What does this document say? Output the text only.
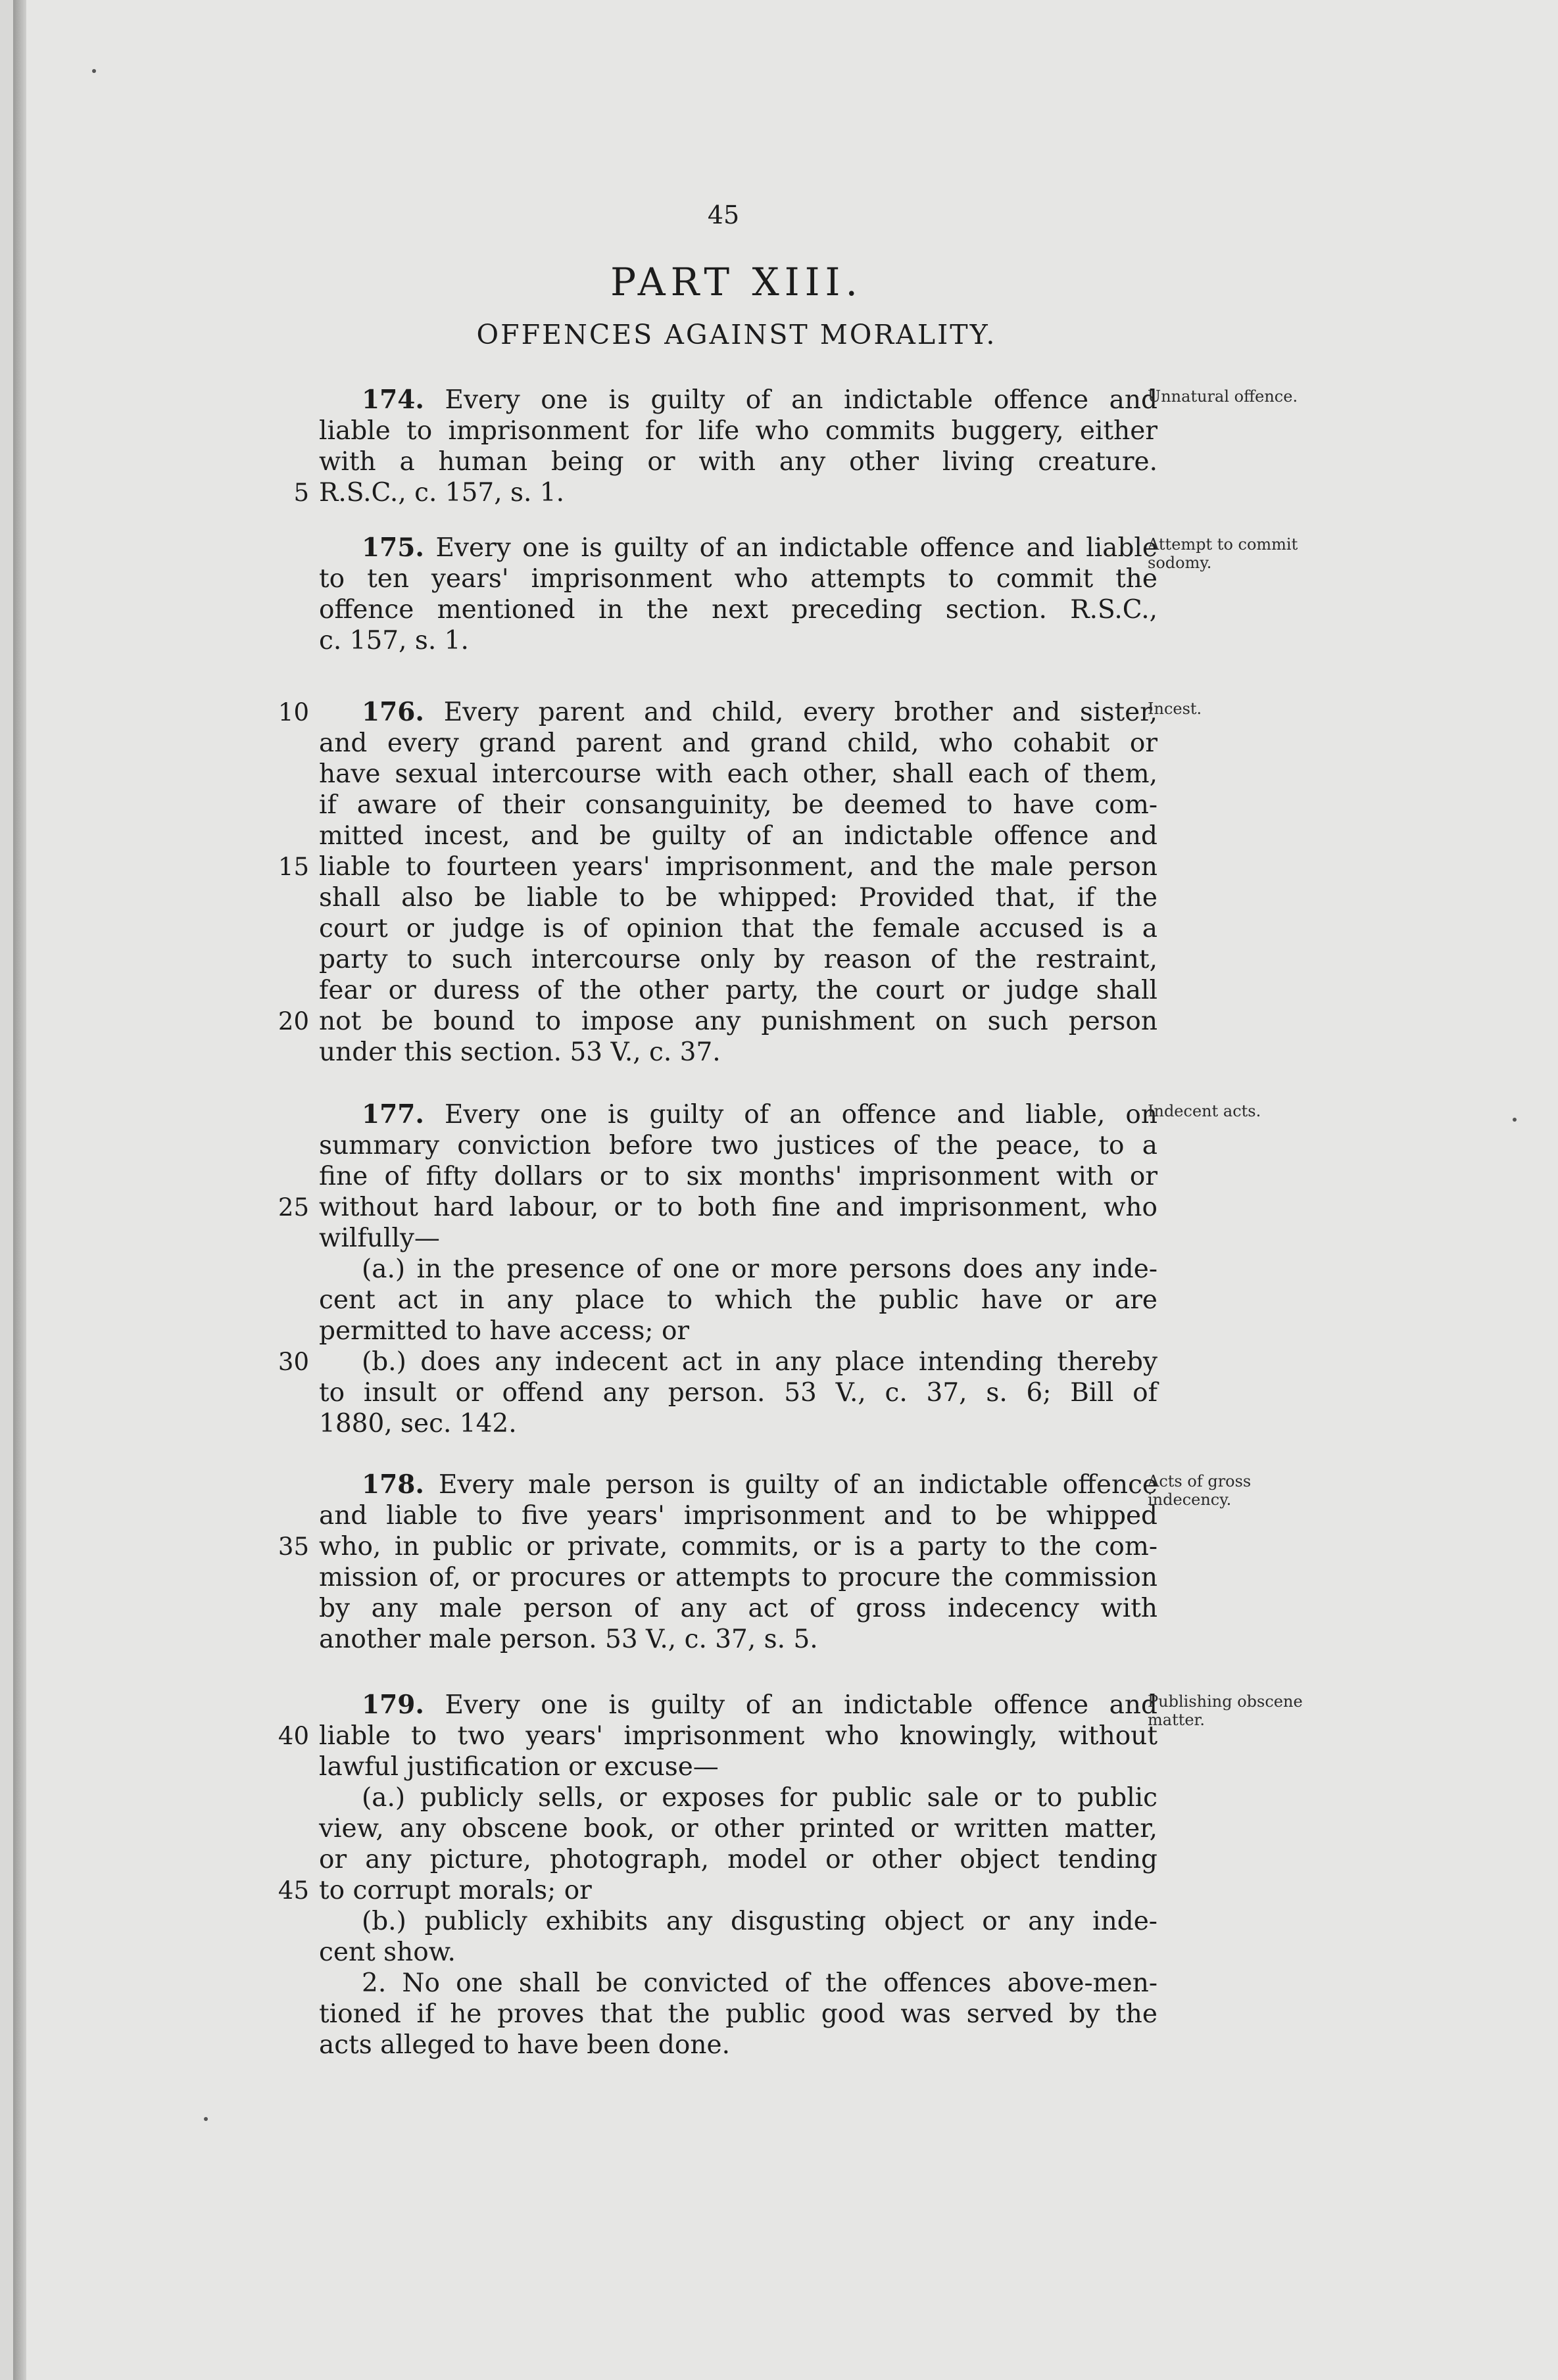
45
PART XIII.
OFFENCES AGAINST MORALITY.
174. Every one is guilty of an indictable offence and
liable to imprisonment for life who commits buggery, either
with a human being or with any other living creature.
5 R.S.C., c. 157, s. 1.
Unnatural offence.
175. Every one is guilty of an indictable offence and liable
to ten years' imprisonment who attempts to commit the
offence mentioned in the next preceding section. R.S.C.,
c. 157, s. 1.
Attempt to commit sodomy.
10 176. Every parent and child, every brother and sister,
and every grand parent and grand child, who cohabit or
have sexual intercourse with each other, shall each of them,
if aware of their consanguinity, be deemed to have com-
mitted incest, and be guilty of an indictable offence and
15 liable to fourteen years' imprisonment, and the male person
shall also be liable to be whipped: Provided that, if the
court or judge is of opinion that the female accused is a
party to such intercourse only by reason of the restraint,
fear or duress of the other party, the court or judge shall
20 not be bound to impose any punishment on such person
under this section. 53 V., c. 37.
Incest.
177. Every one is guilty of an offence and liable, on
summary conviction before two justices of the peace, to a
fine of fifty dollars or to six months' imprisonment with or
25 without hard labour, or to both fine and imprisonment, who
wilfully—
(a.) in the presence of one or more persons does any inde-
cent act in any place to which the public have or are
permitted to have access; or
30 (b.) does any indecent act in any place intending thereby
to insult or offend any person. 53 V., c. 37, s. 6; Bill of
1880, sec. 142.
Indecent acts.
178. Every male person is guilty of an indictable offence
and liable to five years' imprisonment and to be whipped
35 who, in public or private, commits, or is a party to the com-
mission of, or procures or attempts to procure the commission
by any male person of any act of gross indecency with
another male person. 53 V., c. 37, s. 5.
Acts of gross indecency.
179. Every one is guilty of an indictable offence and
40 liable to two years' imprisonment who knowingly, without
lawful justification or excuse—
(a.) publicly sells, or exposes for public sale or to public
view, any obscene book, or other printed or written matter,
or any picture, photograph, model or other object tending
45 to corrupt morals; or
(b.) publicly exhibits any disgusting object or any inde-
cent show.
2. No one shall be convicted of the offences above-men-
tioned if he proves that the public good was served by the
acts alleged to have been done.
Publishing obscene matter.
